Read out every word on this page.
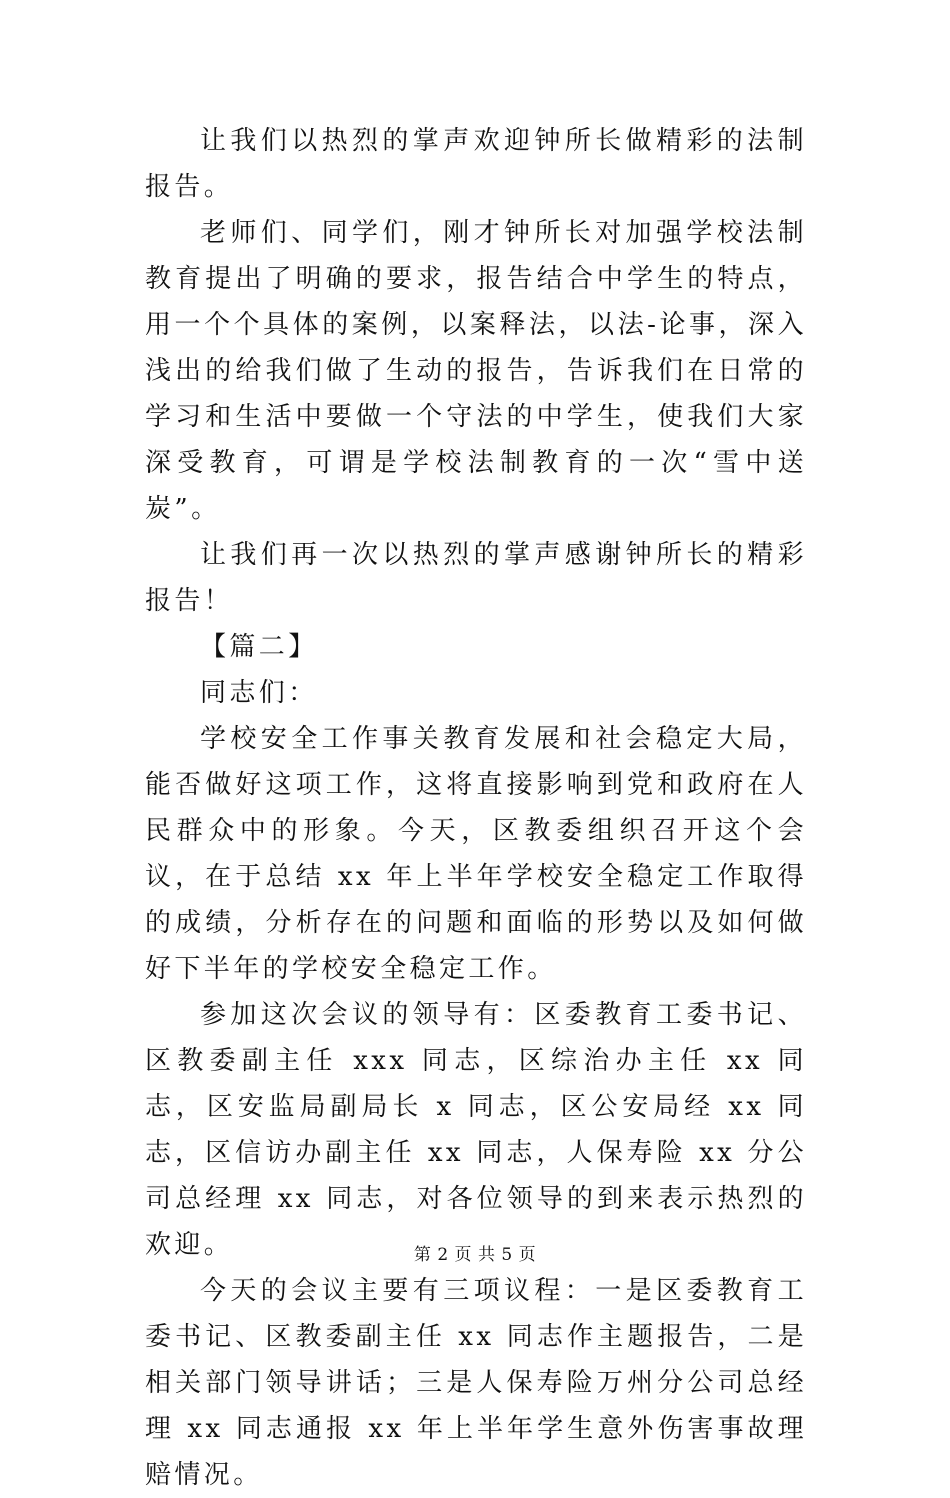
让我们以热烈的掌声欢迎钟所长做精彩的法制报告。

老师们、同学们，刚才钟所长对加强学校法制教育提出了明确的要求，报告结合中学生的特点，用一个个具体的案例，以案释法，以法-论事，深入浅出的给我们做了生动的报告，告诉我们在日常的学习和生活中要做一个守法的中学生，使我们大家深受教育，可谓是学校法制教育的一次“雪中送炭”。

让我们再一次以热烈的掌声感谢钟所长的精彩报告！

【篇二】

同志们：

学校安全工作事关教育发展和社会稳定大局，能否做好这项工作，这将直接影响到党和政府在人民群众中的形象。今天，区教委组织召开这个会议，在于总结 xx 年上半年学校安全稳定工作取得的成绩，分析存在的问题和面临的形势以及如何做好下半年的学校安全稳定工作。

参加这次会议的领导有：区委教育工委书记、区教委副主任 xxx 同志，区综治办主任 xx 同志，区安监局副局长 x 同志，区公安局经 xx 同志，区信访办副主任 xx 同志，人保寿险 xx 分公司总经理 xx 同志，对各位领导的到来表示热烈的欢迎。

今天的会议主要有三项议程：一是区委教育工委书记、区教委副主任 xx 同志作主题报告，二是相关部门领导讲话；三是人保寿险万州分公司总经理 xx 同志通报 xx 年上半年学生意外伤害事故理赔情况。

第 2 页 共 5 页
